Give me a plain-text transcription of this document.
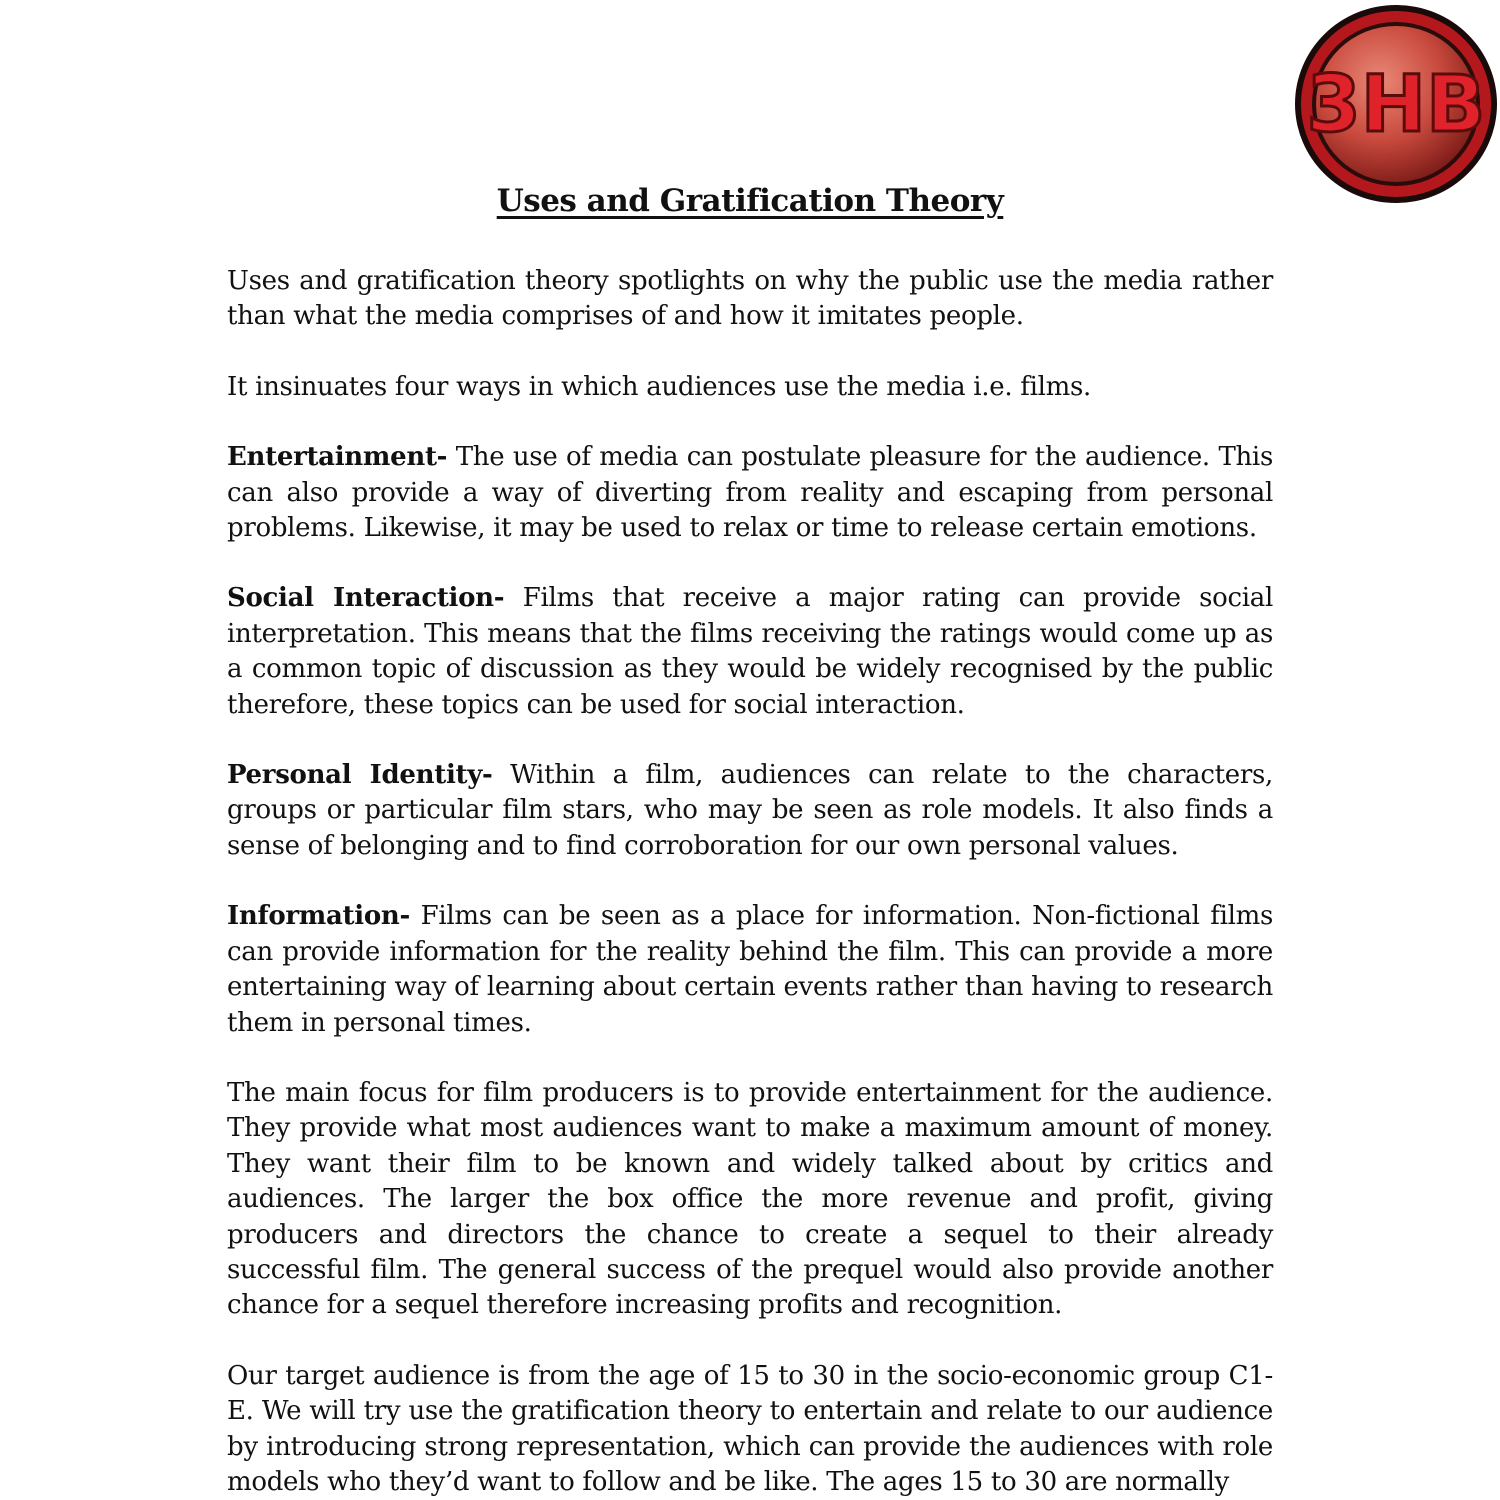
3HB
Uses and Gratification Theory

Uses and gratification theory spotlights on why the public use the media rather than what the media comprises of and how it imitates people.

It insinuates four ways in which audiences use the media i.e. films.

Entertainment- The use of media can postulate pleasure for the audience. This can also provide a way of diverting from reality and escaping from personal problems. Likewise, it may be used to relax or time to release certain emotions.

Social Interaction- Films that receive a major rating can provide social interpretation. This means that the films receiving the ratings would come up as a common topic of discussion as they would be widely recognised by the public therefore, these topics can be used for social interaction.

Personal Identity- Within a film, audiences can relate to the characters, groups or particular film stars, who may be seen as role models. It also finds a sense of belonging and to find corroboration for our own personal values.

Information- Films can be seen as a place for information. Non-fictional films can provide information for the reality behind the film. This can provide a more entertaining way of learning about certain events rather than having to research them in personal times.

The main focus for film producers is to provide entertainment for the audience. They provide what most audiences want to make a maximum amount of money. They want their film to be known and widely talked about by critics and audiences. The larger the box office the more revenue and profit, giving producers and directors the chance to create a sequel to their already successful film. The general success of the prequel would also provide another chance for a sequel therefore increasing profits and recognition.

Our target audience is from the age of 15 to 30 in the socio-economic group C1-E. We will try use the gratification theory to entertain and relate to our audience by introducing strong representation, which can provide the audiences with role models who they’d want to follow and be like. The ages 15 to 30 are normally
